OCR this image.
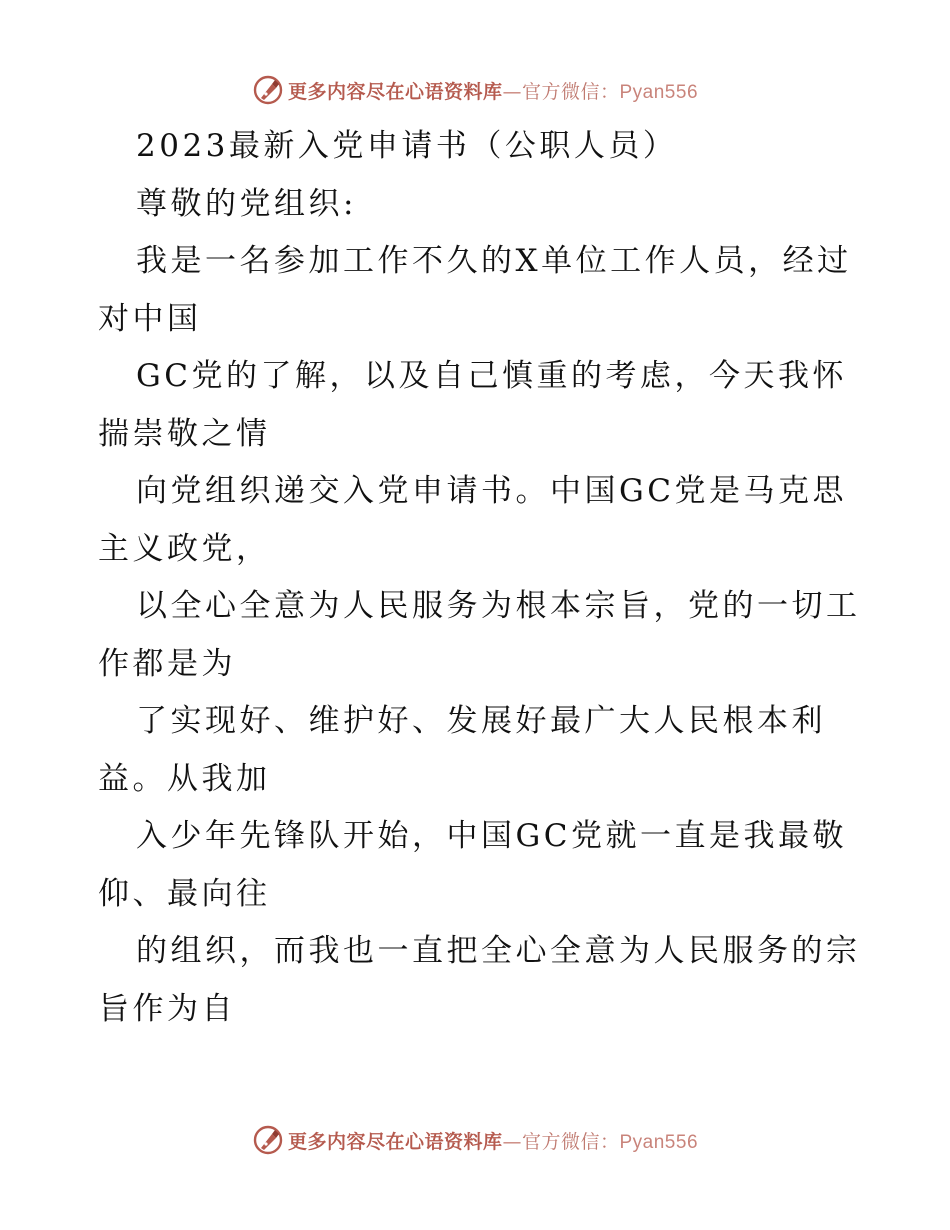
更多内容尽在心语资料库—官方微信：Pyan556
2023最新入党申请书（公职人员）
尊敬的党组织:
我是一名参加工作不久的X单位工作人员，经过
对中国
GC党的了解，以及自己慎重的考虑，今天我怀
揣崇敬之情
向党组织递交入党申请书。中国GC党是马克思
主义政党，
以全心全意为人民服务为根本宗旨，党的一切工
作都是为
了实现好、维护好、发展好最广大人民根本利
益。从我加
入少年先锋队开始，中国GC党就一直是我最敬
仰、最向往
的组织，而我也一直把全心全意为人民服务的宗
旨作为自
更多内容尽在心语资料库—官方微信：Pyan556
